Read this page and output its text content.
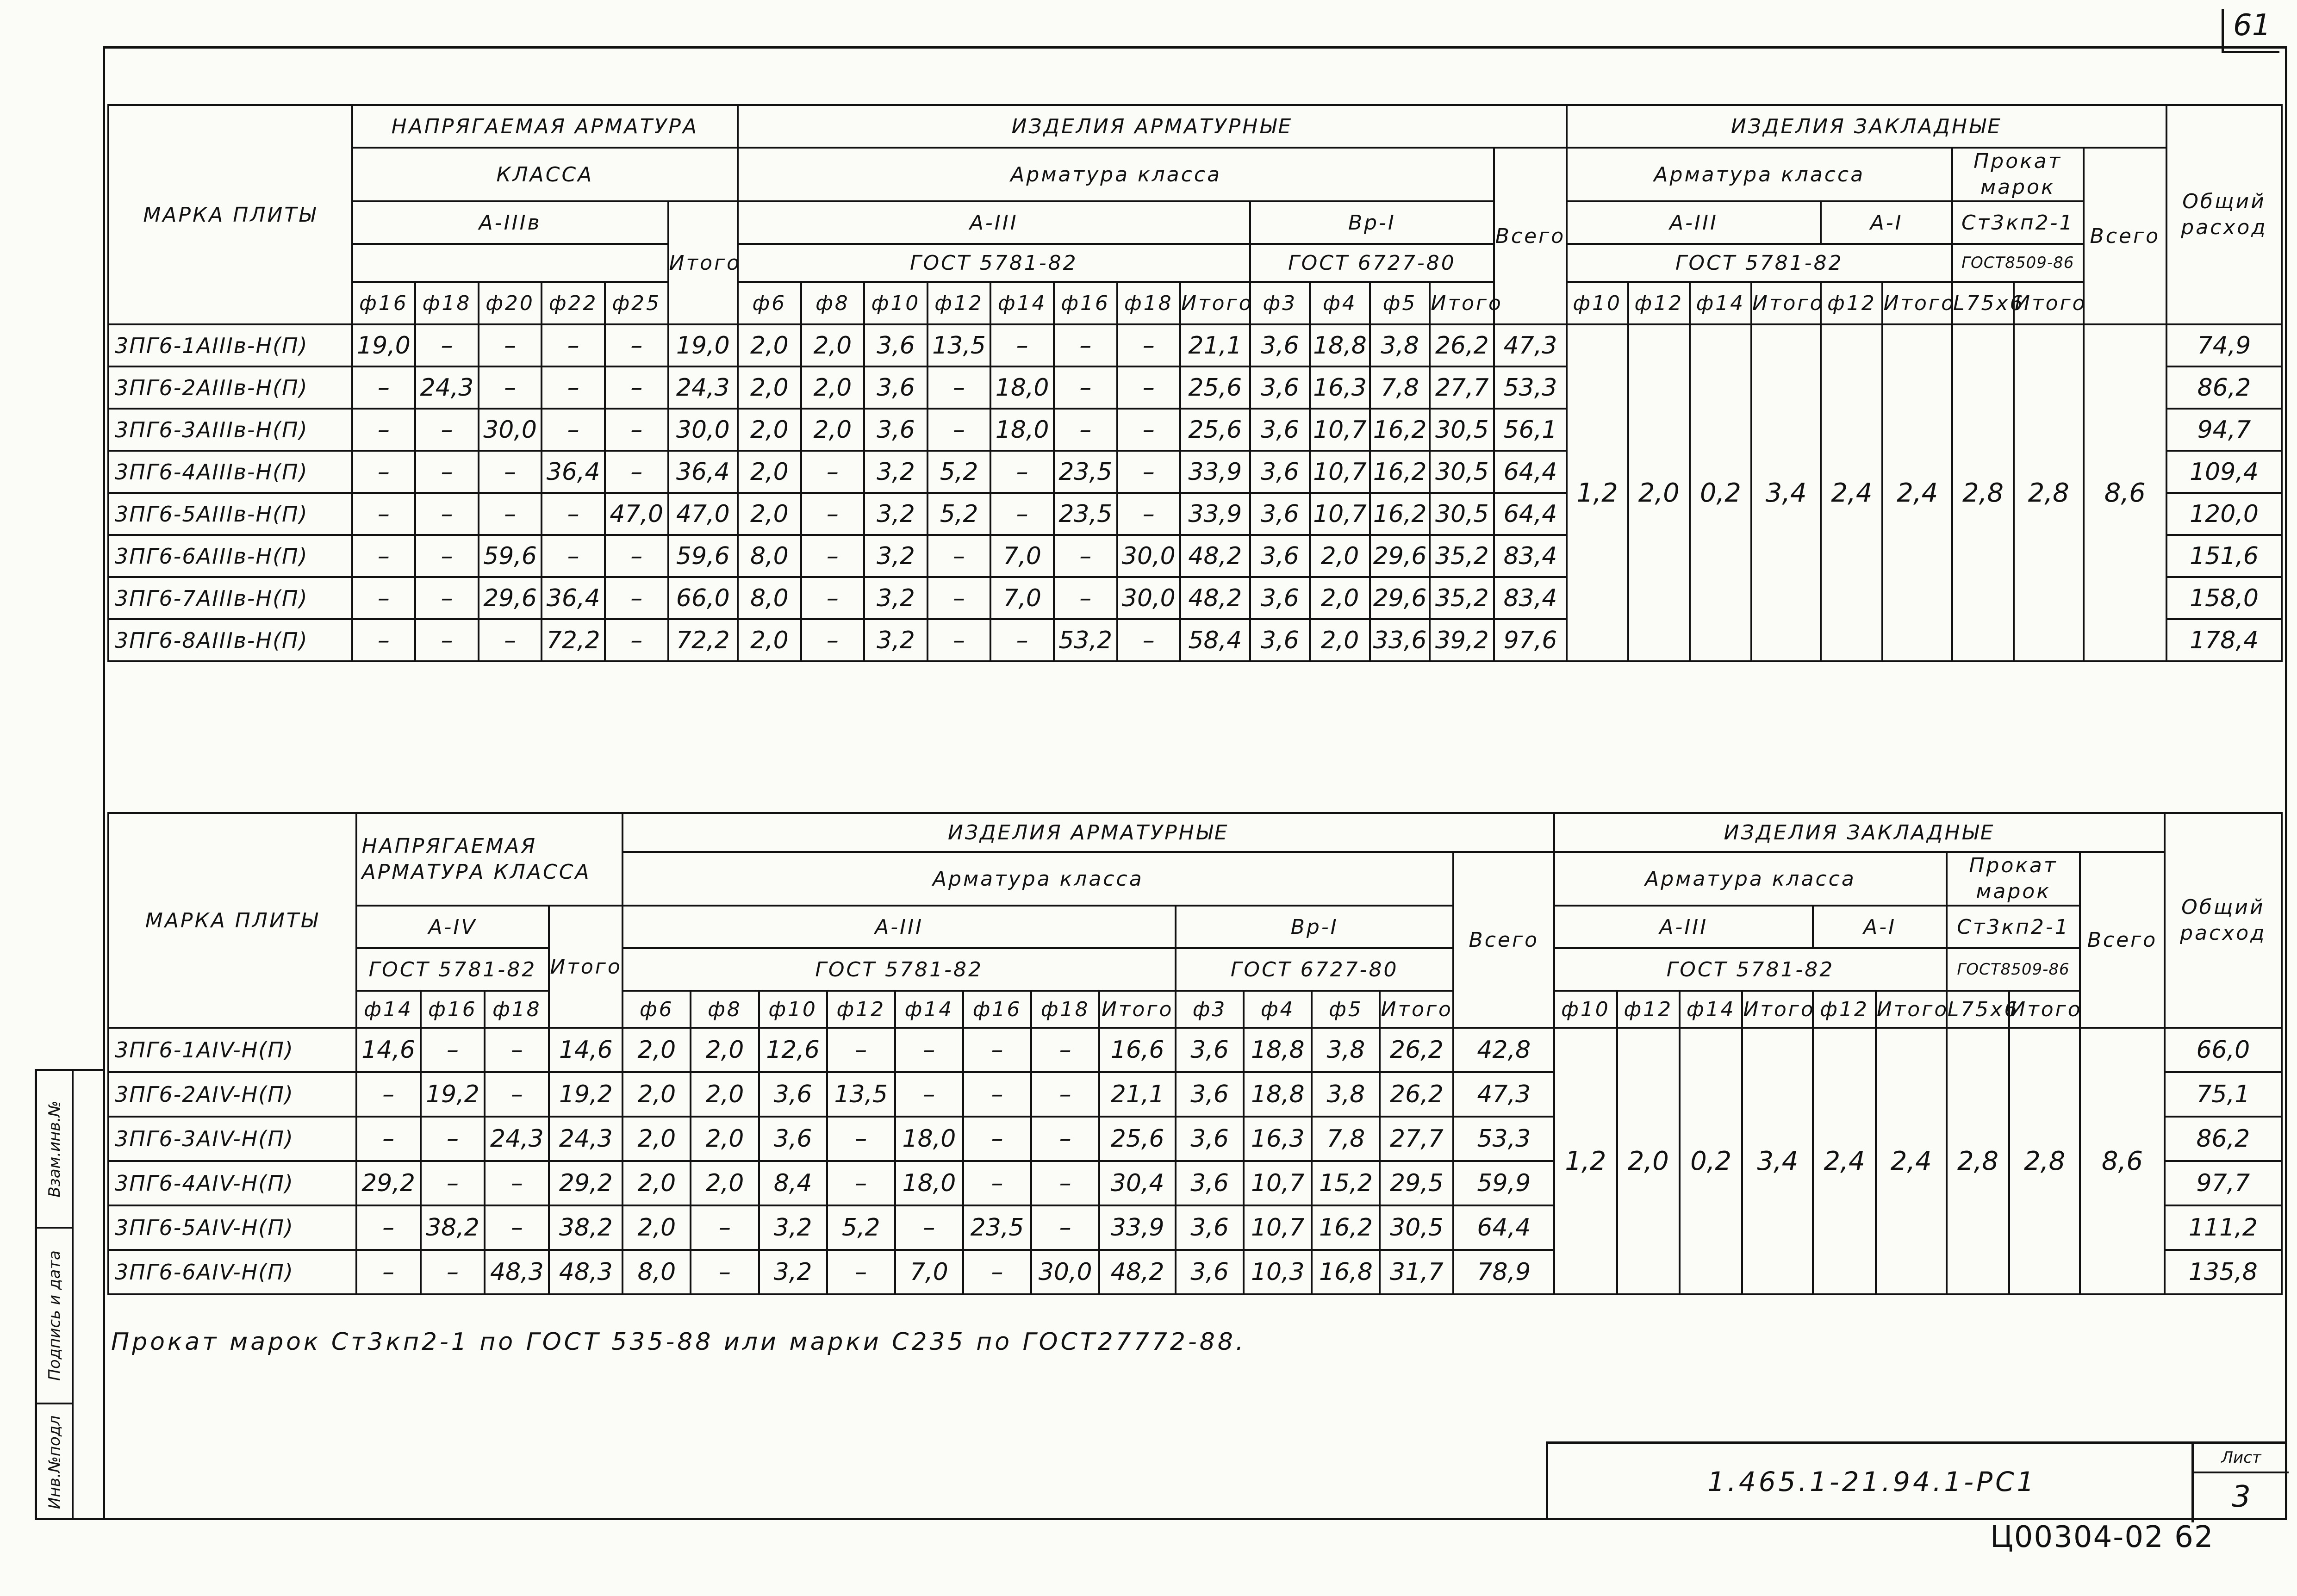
61
МАРКА ПЛИТЫ	НАПРЯГАЕМАЯ АРМАТУРА						ИЗДЕЛИЯ АРМАТУРНЫЕ													ИЗДЕЛИЯ ЗАКЛАДНЫЕ									Общий расход
	КЛАССА						Арматура класса												Всего	Арматура класса						Прокат марок		Всего	
	А-IIIв					Итого	А-III								Вр-I					А-III				А-I		Ст3кп2-1			
							ГОСТ 5781-82								ГОСТ 6727-80					ГОСТ 5781-82						ГОСТ8509-86			
	ф16	ф18	ф20	ф22	ф25		ф6	ф8	ф10	ф12	ф14	ф16	ф18	Итого	ф3	ф4	ф5	Итого		ф10	ф12	ф14	Итого	ф12	Итого	L75х6	Итого		
3ПГ6-1АIIIв-Н(П)	19,0	–	–	–	–	19,0	2,0	2,0	3,6	13,5	–	–	–	21,1	3,6	18,8	3,8	26,2	47,3	1,2	2,0	0,2	3,4	2,4	2,4	2,8	2,8	8,6	74,9
3ПГ6-2АIIIв-Н(П)	–	24,3	–	–	–	24,3	2,0	2,0	3,6	–	18,0	–	–	25,6	3,6	16,3	7,8	27,7	53,3										86,2
3ПГ6-3АIIIв-Н(П)	–	–	30,0	–	–	30,0	2,0	2,0	3,6	–	18,0	–	–	25,6	3,6	10,7	16,2	30,5	56,1										94,7
3ПГ6-4АIIIв-Н(П)	–	–	–	36,4	–	36,4	2,0	–	3,2	5,2	–	23,5	–	33,9	3,6	10,7	16,2	30,5	64,4										109,4
3ПГ6-5АIIIв-Н(П)	–	–	–	–	47,0	47,0	2,0	–	3,2	5,2	–	23,5	–	33,9	3,6	10,7	16,2	30,5	64,4										120,0
3ПГ6-6АIIIв-Н(П)	–	–	59,6	–	–	59,6	8,0	–	3,2	–	7,0	–	30,0	48,2	3,6	2,0	29,6	35,2	83,4										151,6
3ПГ6-7АIIIв-Н(П)	–	–	29,6	36,4	–	66,0	8,0	–	3,2	–	7,0	–	30,0	48,2	3,6	2,0	29,6	35,2	83,4										158,0
3ПГ6-8АIIIв-Н(П)	–	–	–	72,2	–	72,2	2,0	–	3,2	–	–	53,2	–	58,4	3,6	2,0	33,6	39,2	97,6										178,4
МАРКА ПЛИТЫ	НАПРЯГАЕМАЯ АРМАТУРА КЛАССА				ИЗДЕЛИЯ АРМАТУРНЫЕ													ИЗДЕЛИЯ ЗАКЛАДНЫЕ									Общий расход
					Арматура класса												Всего	Арматура класса						Прокат марок		Всего	
	А-IV			Итого	А-III								Вр-I					А-III				А-I		Ст3кп2-1			
	ГОСТ 5781-82				ГОСТ 5781-82								ГОСТ 6727-80					ГОСТ 5781-82						ГОСТ8509-86			
	ф14	ф16	ф18		ф6	ф8	ф10	ф12	ф14	ф16	ф18	Итого	ф3	ф4	ф5	Итого		ф10	ф12	ф14	Итого	ф12	Итого	L75х6	Итого		
3ПГ6-1АIV-Н(П)	14,6	–	–	14,6	2,0	2,0	12,6	–	–	–	–	16,6	3,6	18,8	3,8	26,2	42,8	1,2	2,0	0,2	3,4	2,4	2,4	2,8	2,8	8,6	66,0
3ПГ6-2АIV-Н(П)	–	19,2	–	19,2	2,0	2,0	3,6	13,5	–	–	–	21,1	3,6	18,8	3,8	26,2	47,3										75,1
3ПГ6-3АIV-Н(П)	–	–	24,3	24,3	2,0	2,0	3,6	–	18,0	–	–	25,6	3,6	16,3	7,8	27,7	53,3										86,2
3ПГ6-4АIV-Н(П)	29,2	–	–	29,2	2,0	2,0	8,4	–	18,0	–	–	30,4	3,6	10,7	15,2	29,5	59,9										97,7
3ПГ6-5АIV-Н(П)	–	38,2	–	38,2	2,0	–	3,2	5,2	–	23,5	–	33,9	3,6	10,7	16,2	30,5	64,4										111,2
3ПГ6-6АIV-Н(П)	–	–	48,3	48,3	8,0	–	3,2	–	7,0	–	30,0	48,2	3,6	10,3	16,8	31,7	78,9										135,8
Прокат марок Ст3кп2-1 по ГОСТ 535-88 или марки С235 по ГОСТ27772-88.
Взам.инв.№
Подпись и дата
Инв.№подл	1.465.1-21.94.1-РС1
Лист
3
Ц00304-02 62
